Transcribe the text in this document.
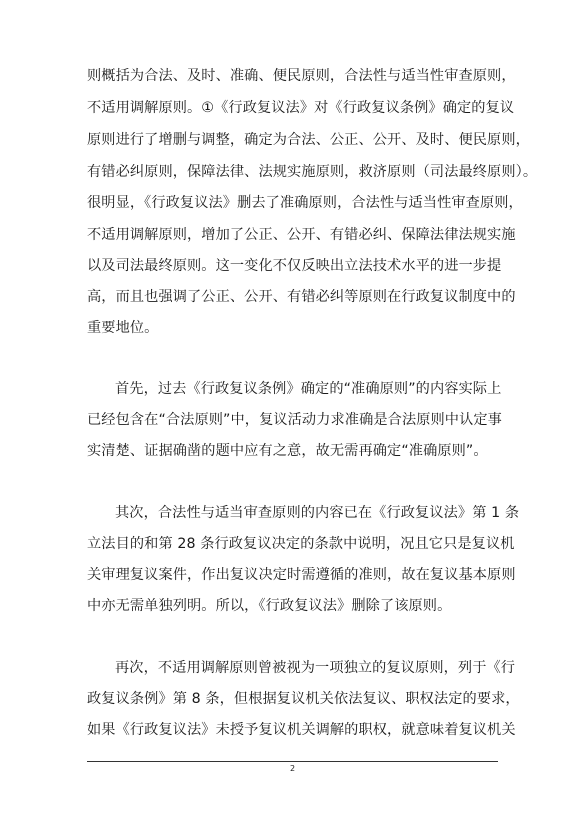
则概括为合法、及时、准确、便民原则，合法性与适当性审查原则，
不适用调解原则。①《行政复议法》对《行政复议条例》确定的复议
原则进行了增删与调整，确定为合法、公正、公开、及时、便民原则，
有错必纠原则，保障法律、法规实施原则，救济原则（司法最终原则）。
很明显，《行政复议法》删去了准确原则，合法性与适当性审查原则，
不适用调解原则，增加了公正、公开、有错必纠、保障法律法规实施
以及司法最终原则。这一变化不仅反映出立法技术水平的进一步提
高，而且也强调了公正、公开、有错必纠等原则在行政复议制度中的
重要地位。
首先，过去《行政复议条例》确定的“准确原则”的内容实际上
已经包含在“合法原则”中，复议活动力求准确是合法原则中认定事
实清楚、证据确凿的题中应有之意，故无需再确定“准确原则”。
其次，合法性与适当审查原则的内容已在《行政复议法》第 1 条
立法目的和第 28 条行政复议决定的条款中说明，况且它只是复议机
关审理复议案件，作出复议决定时需遵循的准则，故在复议基本原则
中亦无需单独列明。所以，《行政复议法》删除了该原则。
再次，不适用调解原则曾被视为一项独立的复议原则，列于《行
政复议条例》第 8 条，但根据复议机关依法复议、职权法定的要求，
如果《行政复议法》未授予复议机关调解的职权，就意味着复议机关
2
